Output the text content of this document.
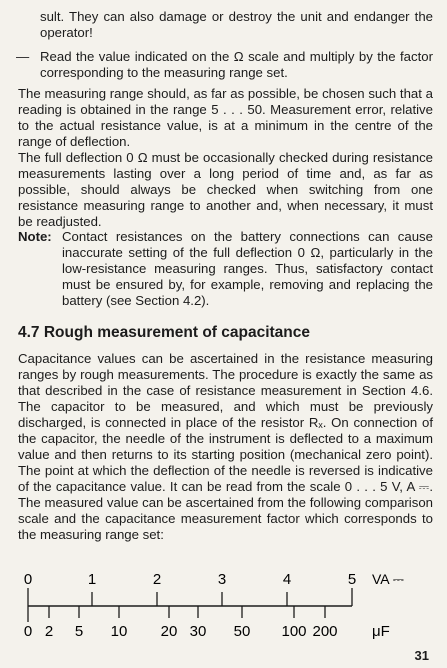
sult. They can also damage or destroy the unit and endanger the operator!

— Read the value indicated on the Ω scale and multiply by the factor corresponding to the measuring range set.

The measuring range should, as far as possible, be chosen such that a reading is obtained in the range 5 . . . 50. Measurement error, relative to the actual resistance value, is at a minimum in the centre of the range of deflection.

The full deflection 0 Ω must be occasionally checked during resistance measurements lasting over a long period of time and, as far as possible, should always be checked when switching from one resistance measuring range to another and, when necessary, it must be readjusted.

Note: Contact resistances on the battery connections can cause inaccurate setting of the full deflection 0 Ω, particularly in the low-resistance measuring ranges. Thus, satisfactory contact must be ensured by, for example, removing and replacing the battery (see Section 4.2).

4.7 Rough measurement of capacitance

Capacitance values can be ascertained in the resistance measuring ranges by rough measurements. The procedure is exactly the same as that described in the case of resistance measurement in Section 4.6. The capacitor to be measured, and which must be previously discharged, is connected in place of the resistor Rₓ. On connection of the capacitor, the needle of the instrument is deflected to a maximum value and then returns to its starting position (mechanical zero point). The point at which the deflection of the needle is reversed is indicative of the capacitance value. It can be read from the scale 0 . . . 5 V, A ⎓. The measured value can be ascertained from the following comparison scale and the capacitance measurement factor which corresponds to the measuring range set:

0	1	2	3	4	5 VA ⎓
0 2 5 10 20 30 50 100 200 μF
31
